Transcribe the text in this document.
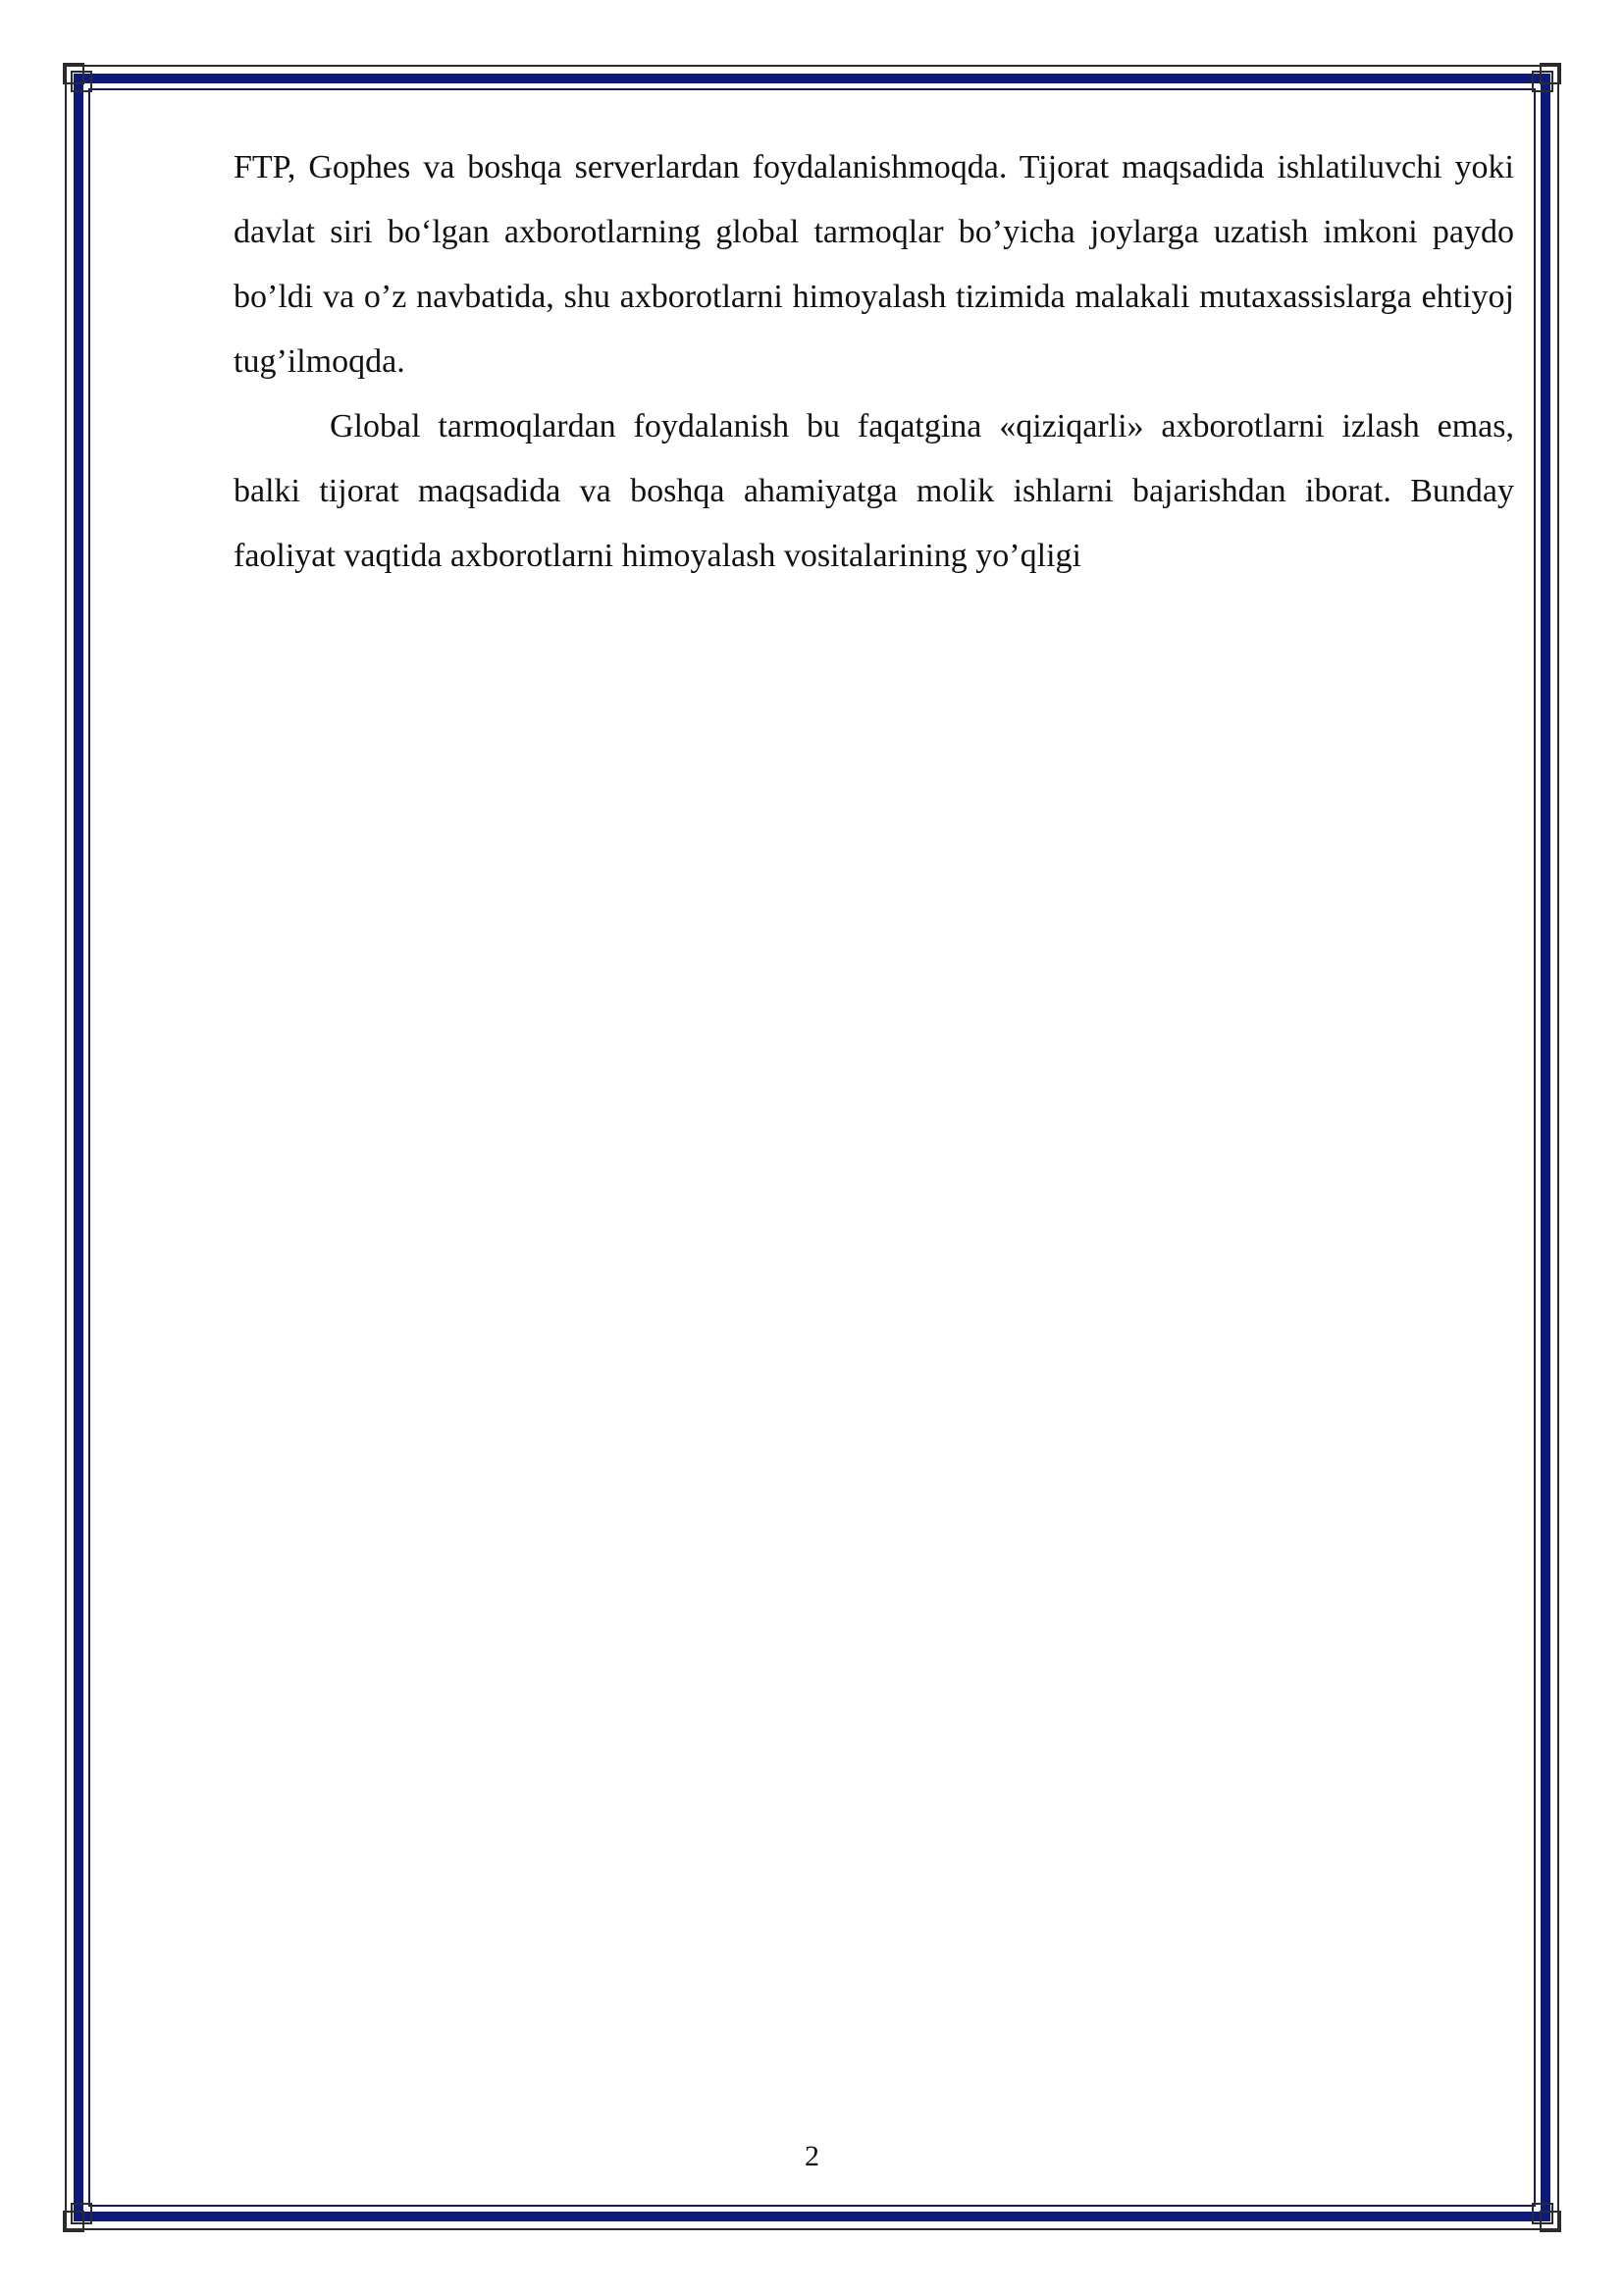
FTP, Gophes va boshqa serverlardan foydalanishmoqda. Tijorat maqsadida ishlatiluvchi yoki davlat siri bo‘lgan axborotlarning global tarmoqlar bo’yicha joylarga uzatish imkoni paydo bo’ldi va o’z navbatida, shu axborotlarni himoyalash tizimida malakali mutaxassislarga ehtiyoj tug’ilmoqda.

Global tarmoqlardan foydalanish bu faqatgina «qiziqarli» axborotlarni izlash emas, balki tijorat maqsadida va boshqa ahamiyatga molik ishlarni bajarishdan iborat. Bunday faoliyat vaqtida axborotlarni himoyalash vositalarining yo’qligi

2
